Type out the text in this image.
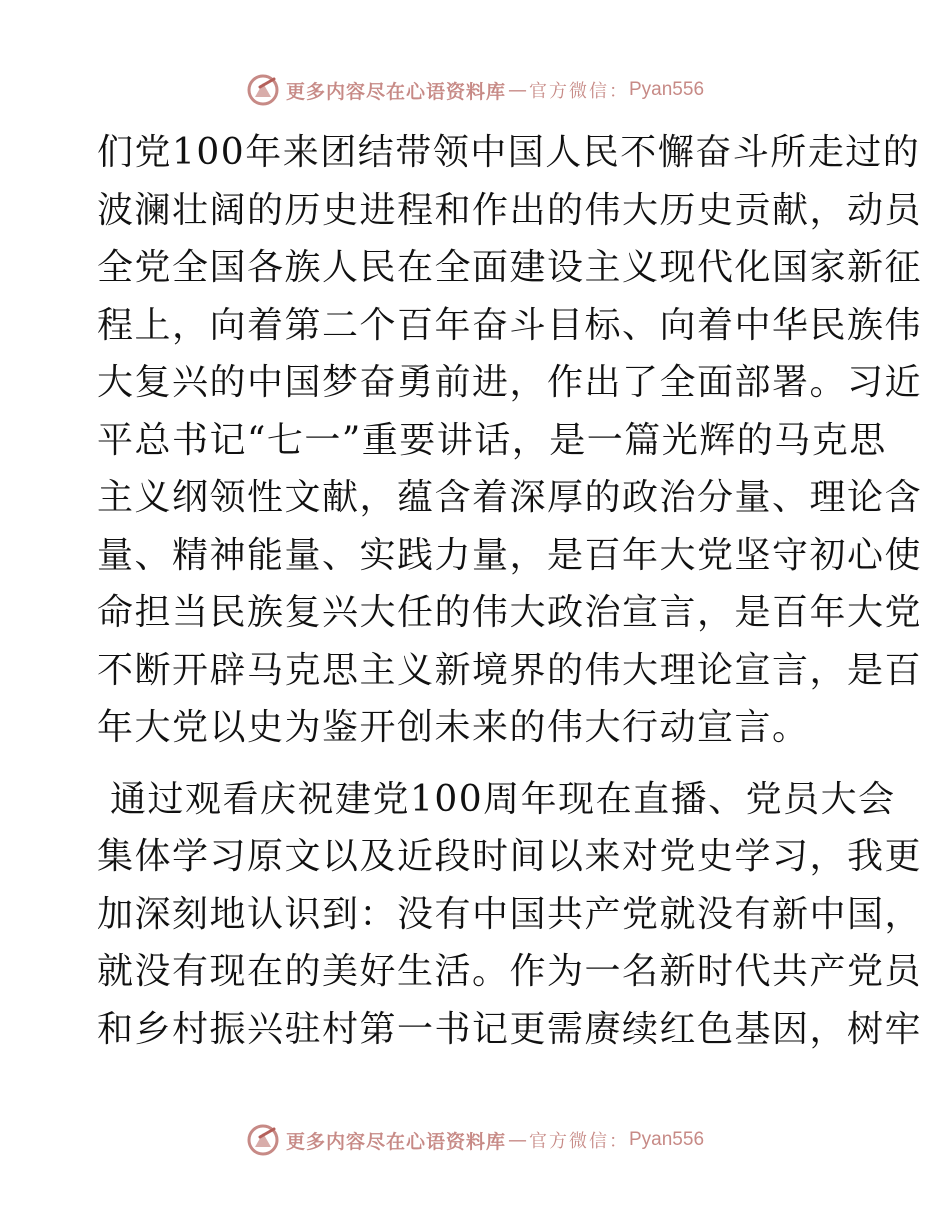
更多内容尽在心语资料库 — 官方微信： Pyan556
们党100年来团结带领中国人民不懈奋斗所走过的
波澜壮阔的历史进程和作出的伟大历史贡献，动员
全党全国各族人民在全面建设主义现代化国家新征
程上，向着第二个百年奋斗目标、向着中华民族伟
大复兴的中国梦奋勇前进，作出了全面部署。习近
平总书记“七一”重要讲话，是一篇光辉的马克思
主义纲领性文献，蕴含着深厚的政治分量、理论含
量、精神能量、实践力量，是百年大党坚守初心使
命担当民族复兴大任的伟大政治宣言，是百年大党
不断开辟马克思主义新境界的伟大理论宣言，是百
年大党以史为鉴开创未来的伟大行动宣言。
通过观看庆祝建党100周年现在直播、党员大会
集体学习原文以及近段时间以来对党史学习，我更
加深刻地认识到：没有中国共产党就没有新中国，
就没有现在的美好生活。作为一名新时代共产党员
和乡村振兴驻村第一书记更需赓续红色基因，树牢
更多内容尽在心语资料库 — 官方微信： Pyan556
